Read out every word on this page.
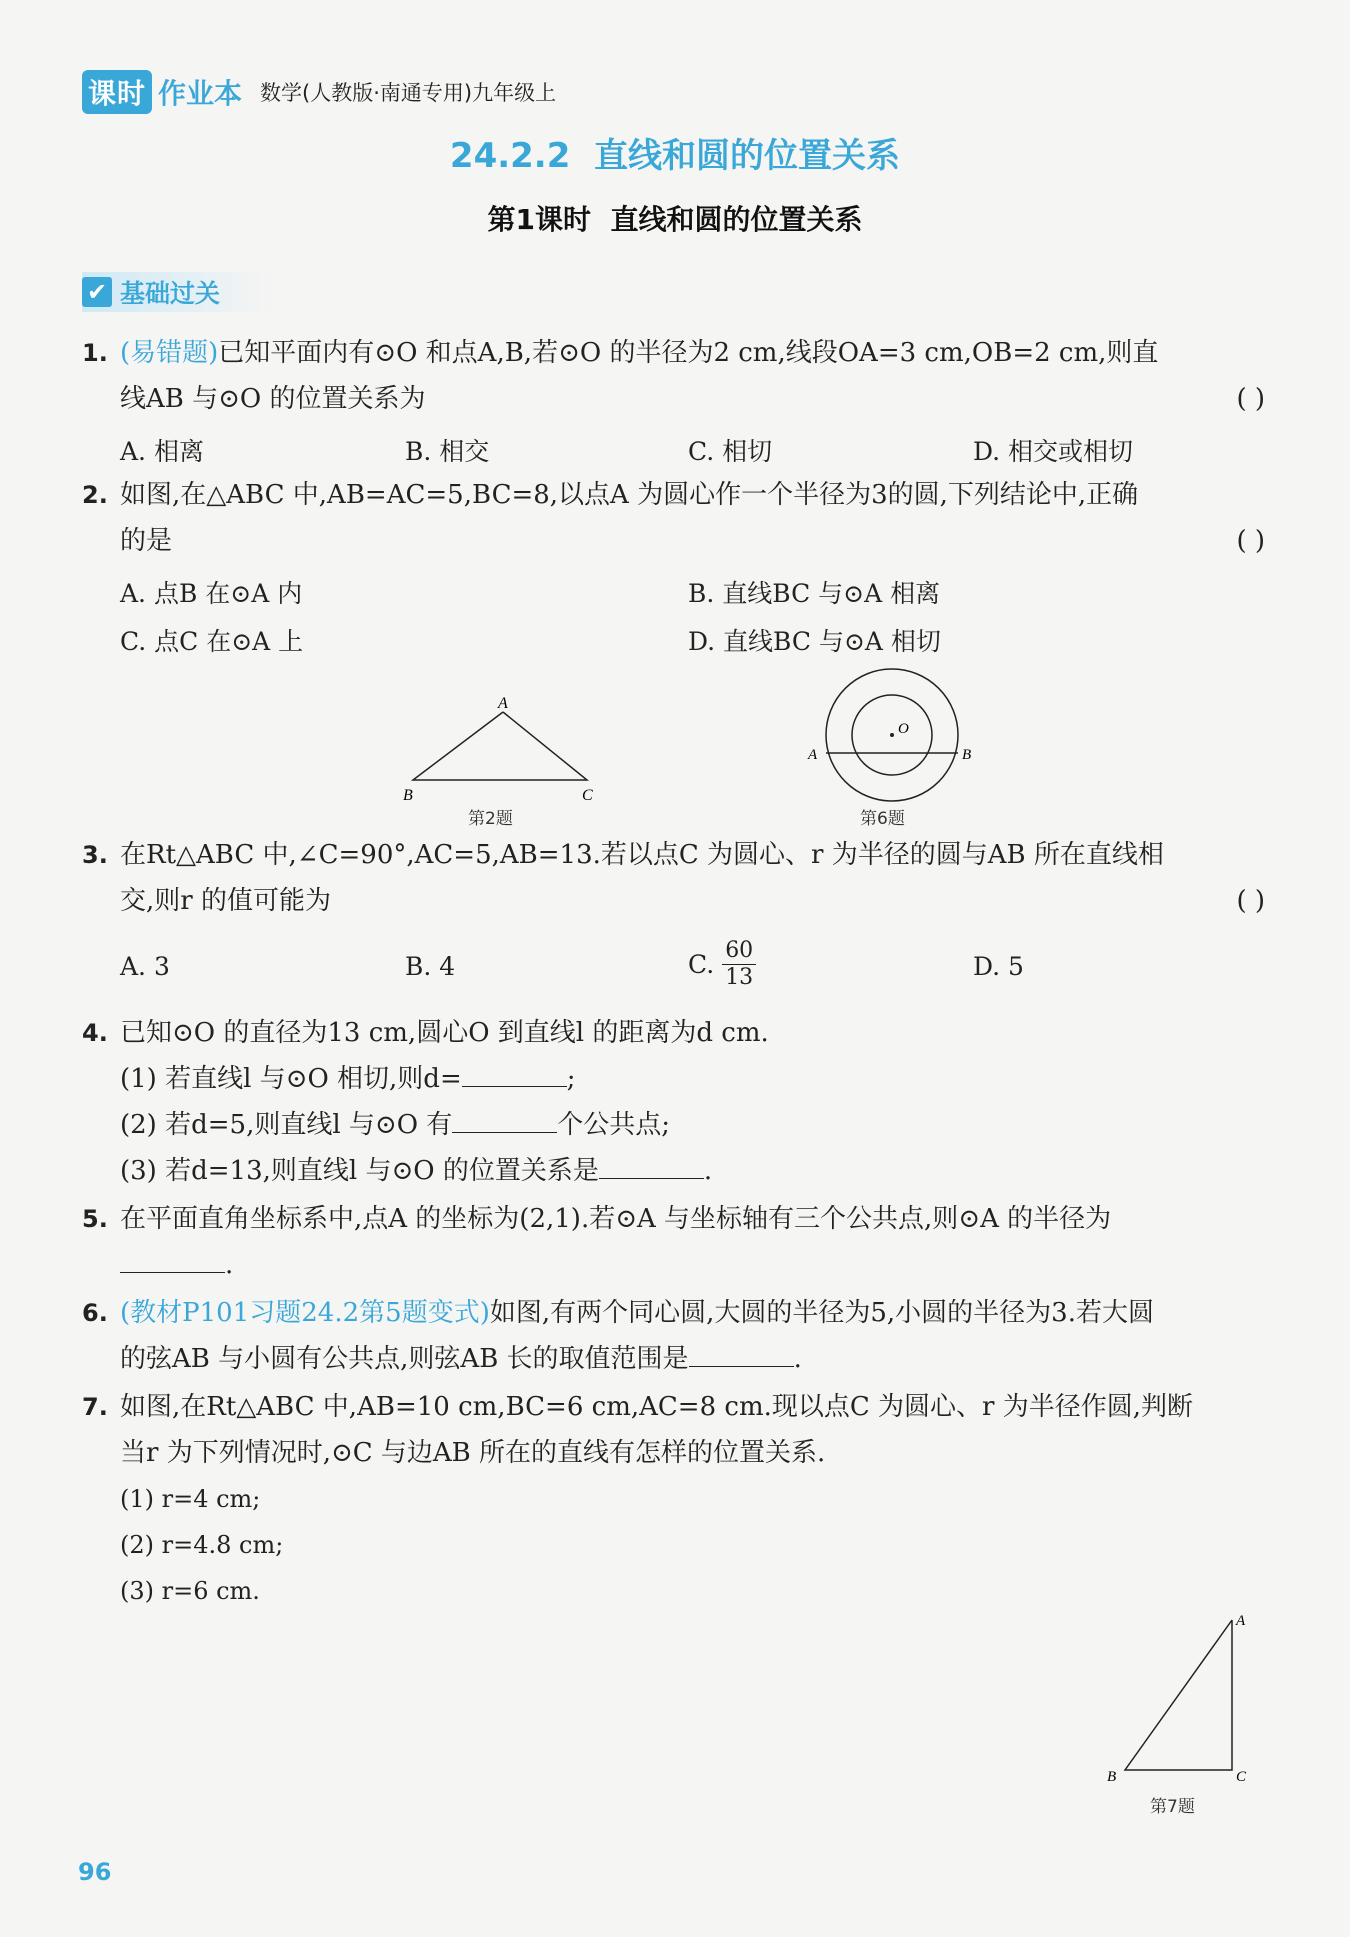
课时 作业本 数学(人教版·南通专用)九年级上
24.2.2  直线和圆的位置关系
第1课时  直线和圆的位置关系
✔ 基础过关
1. (易错题)已知平面内有⊙O 和点A,B,若⊙O 的半径为2 cm,线段OA=3 cm,OB=2 cm,则直
线AB 与⊙O 的位置关系为	( )
A. 相离	B. 相交	C. 相切	D. 相交或相切
2. 如图,在△ABC 中,AB=AC=5,BC=8,以点A 为圆心作一个半径为3的圆,下列结论中,正确
的是	( )
A. 点B 在⊙A 内	B. 直线BC 与⊙A 相离
C. 点C 在⊙A 上	D. 直线BC 与⊙A 相切
A
B	C
第2题
O
A	B
第6题
3. 在Rt△ABC 中,∠C=90°,AC=5,AB=13.若以点C 为圆心、r 为半径的圆与AB 所在直线相
交,则r 的值可能为	( )
A. 3	B. 4	C. $\frac{60}{13}$	D. 5
4. 已知⊙O 的直径为13 cm,圆心O 到直线l 的距离为d cm.
(1) 若直线l 与⊙O 相切,则d=	;
(2) 若d=5,则直线l 与⊙O 有	个公共点;
(3) 若d=13,则直线l 与⊙O 的位置关系是	.
5. 在平面直角坐标系中,点A 的坐标为(2,1).若⊙A 与坐标轴有三个公共点,则⊙A 的半径为
.
6. (教材P101习题24.2第5题变式)如图,有两个同心圆,大圆的半径为5,小圆的半径为3.若大圆
的弦AB 与小圆有公共点,则弦AB 长的取值范围是	.
7. 如图,在Rt△ABC 中,AB=10 cm,BC=6 cm,AC=8 cm.现以点C 为圆心、r 为半径作圆,判断
当r 为下列情况时,⊙C 与边AB 所在的直线有怎样的位置关系.
(1) r=4 cm;
(2) r=4.8 cm;
(3) r=6 cm.
A
B	C
第7题
96
